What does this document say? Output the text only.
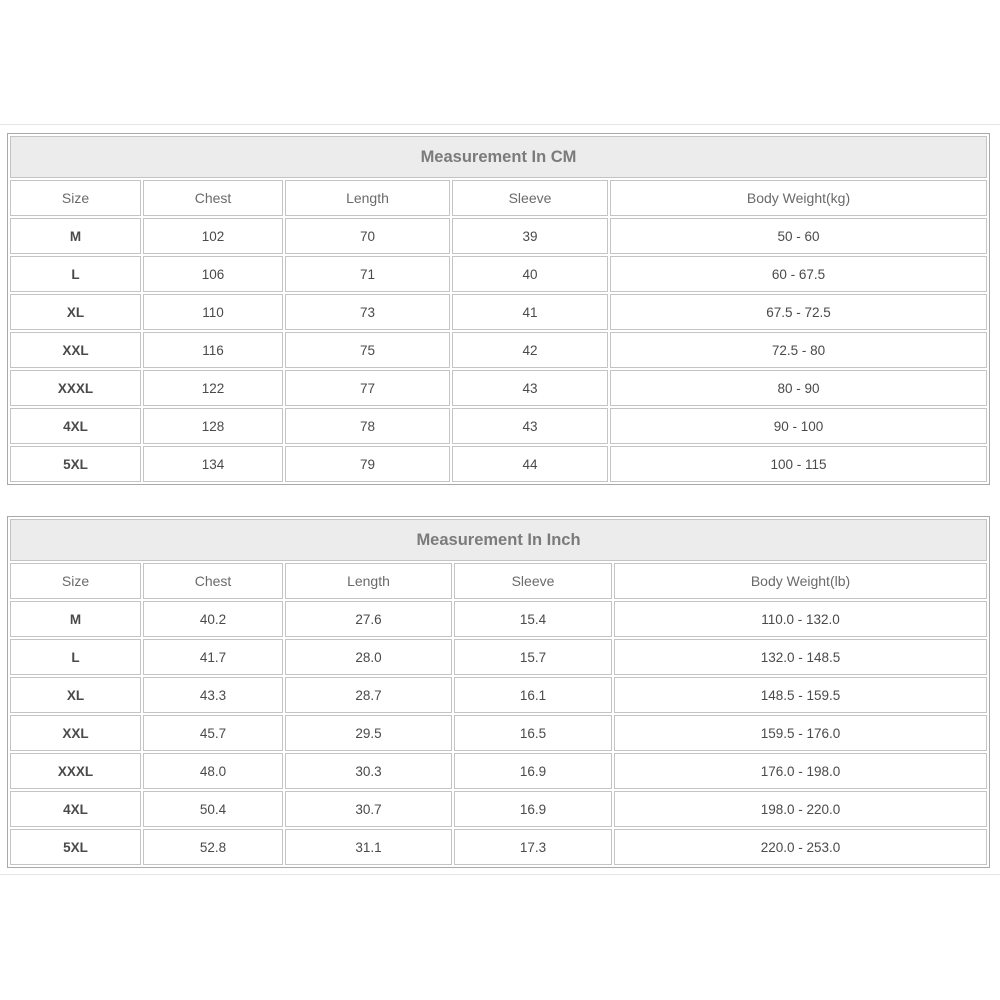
Measurement In CM				
Size	Chest	Length	Sleeve	Body Weight(kg)
M	102	70	39	50 - 60
L	106	71	40	60 - 67.5
XL	110	73	41	67.5 - 72.5
XXL	116	75	42	72.5 - 80
XXXL	122	77	43	80 - 90
4XL	128	78	43	90 - 100
5XL	134	79	44	100 - 115
Measurement In Inch				
Size	Chest	Length	Sleeve	Body Weight(lb)
M	40.2	27.6	15.4	110.0 - 132.0
L	41.7	28.0	15.7	132.0 - 148.5
XL	43.3	28.7	16.1	148.5 - 159.5
XXL	45.7	29.5	16.5	159.5 - 176.0
XXXL	48.0	30.3	16.9	176.0 - 198.0
4XL	50.4	30.7	16.9	198.0 - 220.0
5XL	52.8	31.1	17.3	220.0 - 253.0
